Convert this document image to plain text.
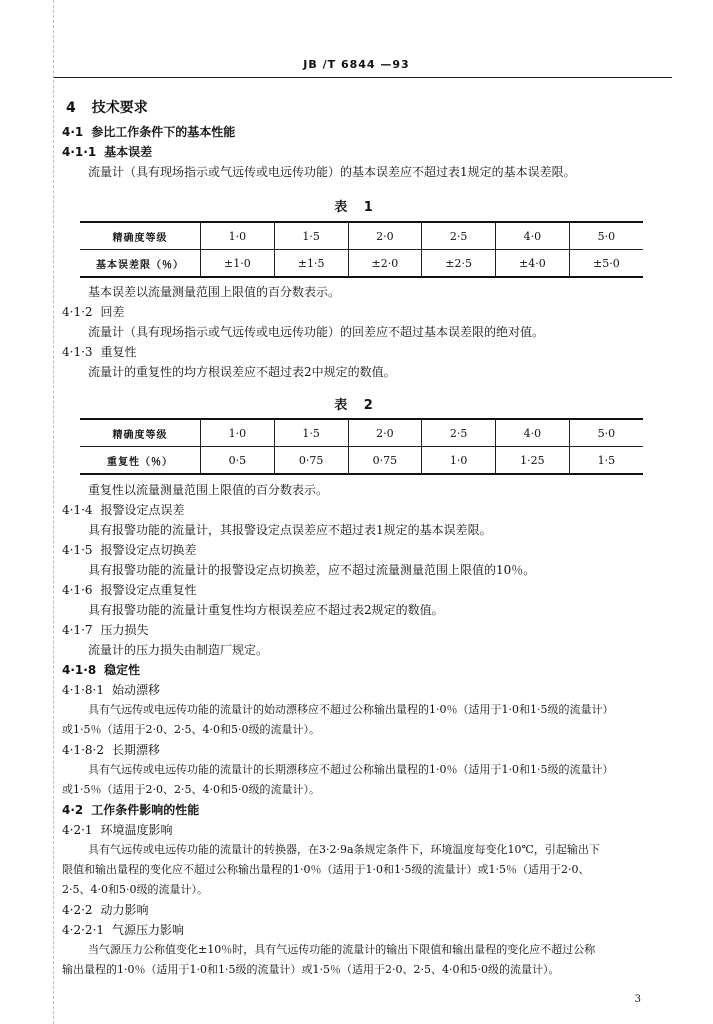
JB /T 6844 —93
4 技术要求
4·1 参比工作条件下的基本性能
4·1·1 基本误差
流量计（具有现场指示或气远传或电远传功能）的基本误差应不超过表1规定的基本误差限。
表 1
精确度等级	1·0	1·5	2·0	2·5	4·0	5·0
基本误差限（％）	±1·0	±1·5	±2·0	±2·5	±4·0	±5·0
基本误差以流量测量范围上限值的百分数表示。
4·1·2 回差
流量计（具有现场指示或气远传或电远传功能）的回差应不超过基本误差限的绝对值。
4·1·3 重复性
流量计的重复性的均方根误差应不超过表2中规定的数值。
表 2
精确度等级	1·0	1·5	2·0	2·5	4·0	5·0
重复性（％）	0·5	0·75	0·75	1·0	1·25	1·5
重复性以流量测量范围上限值的百分数表示。
4·1·4 报警设定点误差
具有报警功能的流量计，其报警设定点误差应不超过表1规定的基本误差限。
4·1·5 报警设定点切换差
具有报警功能的流量计的报警设定点切换差，应不超过流量测量范围上限值的10％。
4·1·6 报警设定点重复性
具有报警功能的流量计重复性均方根误差应不超过表2规定的数值。
4·1·7 压力损失
流量计的压力损失由制造厂规定。
4·1·8 稳定性
4·1·8·1 始动漂移
具有气远传或电远传功能的流量计的始动漂移应不超过公称输出量程的1·0％（适用于1·0和1·5级的流量计）
或1·5％（适用于2·0、2·5、4·0和5·0级的流量计）。
4·1·8·2 长期漂移
具有气远传或电远传功能的流量计的长期漂移应不超过公称输出量程的1·0％（适用于1·0和1·5级的流量计）
或1·5％（适用于2·0、2·5、4·0和5·0级的流量计）。
4·2 工作条件影响的性能
4·2·1 环境温度影响
具有气远传或电远传功能的流量计的转换器，在3·2·9a条规定条件下，环境温度每变化10℃，引起输出下
限值和输出量程的变化应不超过公称输出量程的1·0％（适用于1·0和1·5级的流量计）或1·5％（适用于2·0、
2·5、4·0和5·0级的流量计）。
4·2·2 动力影响
4·2·2·1 气源压力影响
当气源压力公称值变化±10％时，具有气远传功能的流量计的输出下限值和输出量程的变化应不超过公称
输出量程的1·0％（适用于1·0和1·5级的流量计）或1·5％（适用于2·0、2·5、4·0和5·0级的流量计）。
3
